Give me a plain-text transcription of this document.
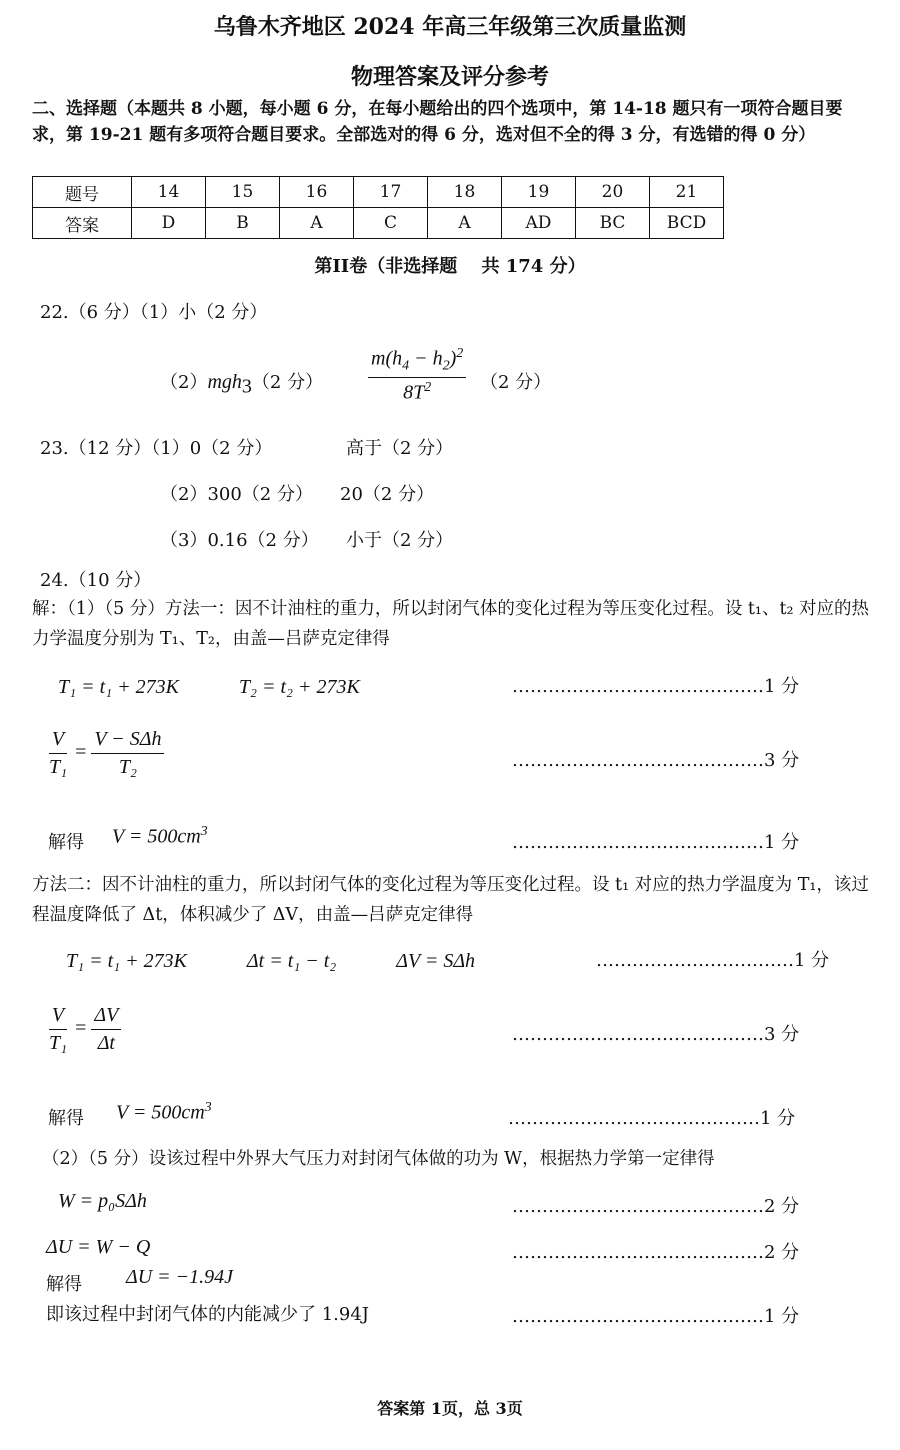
乌鲁木齐地区 2024 年高三年级第三次质量监测
物理答案及评分参考
二、选择题（本题共 8 小题，每小题 6 分，在每小题给出的四个选项中，第 14-18 题只有一项符合题目要求，第 19-21 题有多项符合题目要求。全部选对的得 6 分，选对但不全的得 3 分，有选错的得 0 分）
题号	14	15	16	17	18	19	20	21
答案	D	B	A	C	A	AD	BC	BCD
第II卷（非选择题　 共 174 分）
22.（6 分）（1）小（2 分）
（2）mgh$_3$（2 分） $\frac{m(h_4 - h_2)^2}{8T^2} (2$ 分）
23.（12 分）（1）0（2 分）	高于（2 分）
（2）300（2 分） 20（2 分）
（3）0.16（2 分） 小于（2 分）
24.（10 分）
解：（1）（5 分）方法一：因不计油柱的重力，所以封闭气体的变化过程为等压变化过程。设 t₁、t₂ 对应的热力学温度分别为 T₁、T₂，由盖—吕萨克定律得
T₁ = t₁ + 273K　　　T₂ = t₂ + 273K	……………………………………1 分
$\frac{V}{\text{T₁}} = \frac{\text{V − SΔh}}{\text{T₂}}$	……………………………………3 分
解得 $V = 500cm^3$
……………………………………1 分
方法二：因不计油柱的重力，所以封闭气体的变化过程为等压变化过程。设 t₁ 对应的热力学温度为 T₁，该过程温度降低了 Δt，体积减少了 ΔV，由盖—吕萨克定律得
T₁ = t₁ + 273K　　　Δt = t₁ − t₂　　　ΔV = SΔh	……………………………1 分
$\frac{V}{\text{T₁}} = \frac{\Delta V}{\Delta t}$	……………………………………3 分
解得 $V = 500cm^3$
……………………………………1 分
（2）（5 分）设该过程中外界大气压力对封闭气体做的功为 W，根据热力学第一定律得
W = p₀SΔh	……………………………………2 分
ΔU = W − Q	……………………………………2 分
解得 ΔU = −1.94J
即该过程中封闭气体的内能减少了 1.94J	……………………………………1 分
答案第 1页，总 3页
